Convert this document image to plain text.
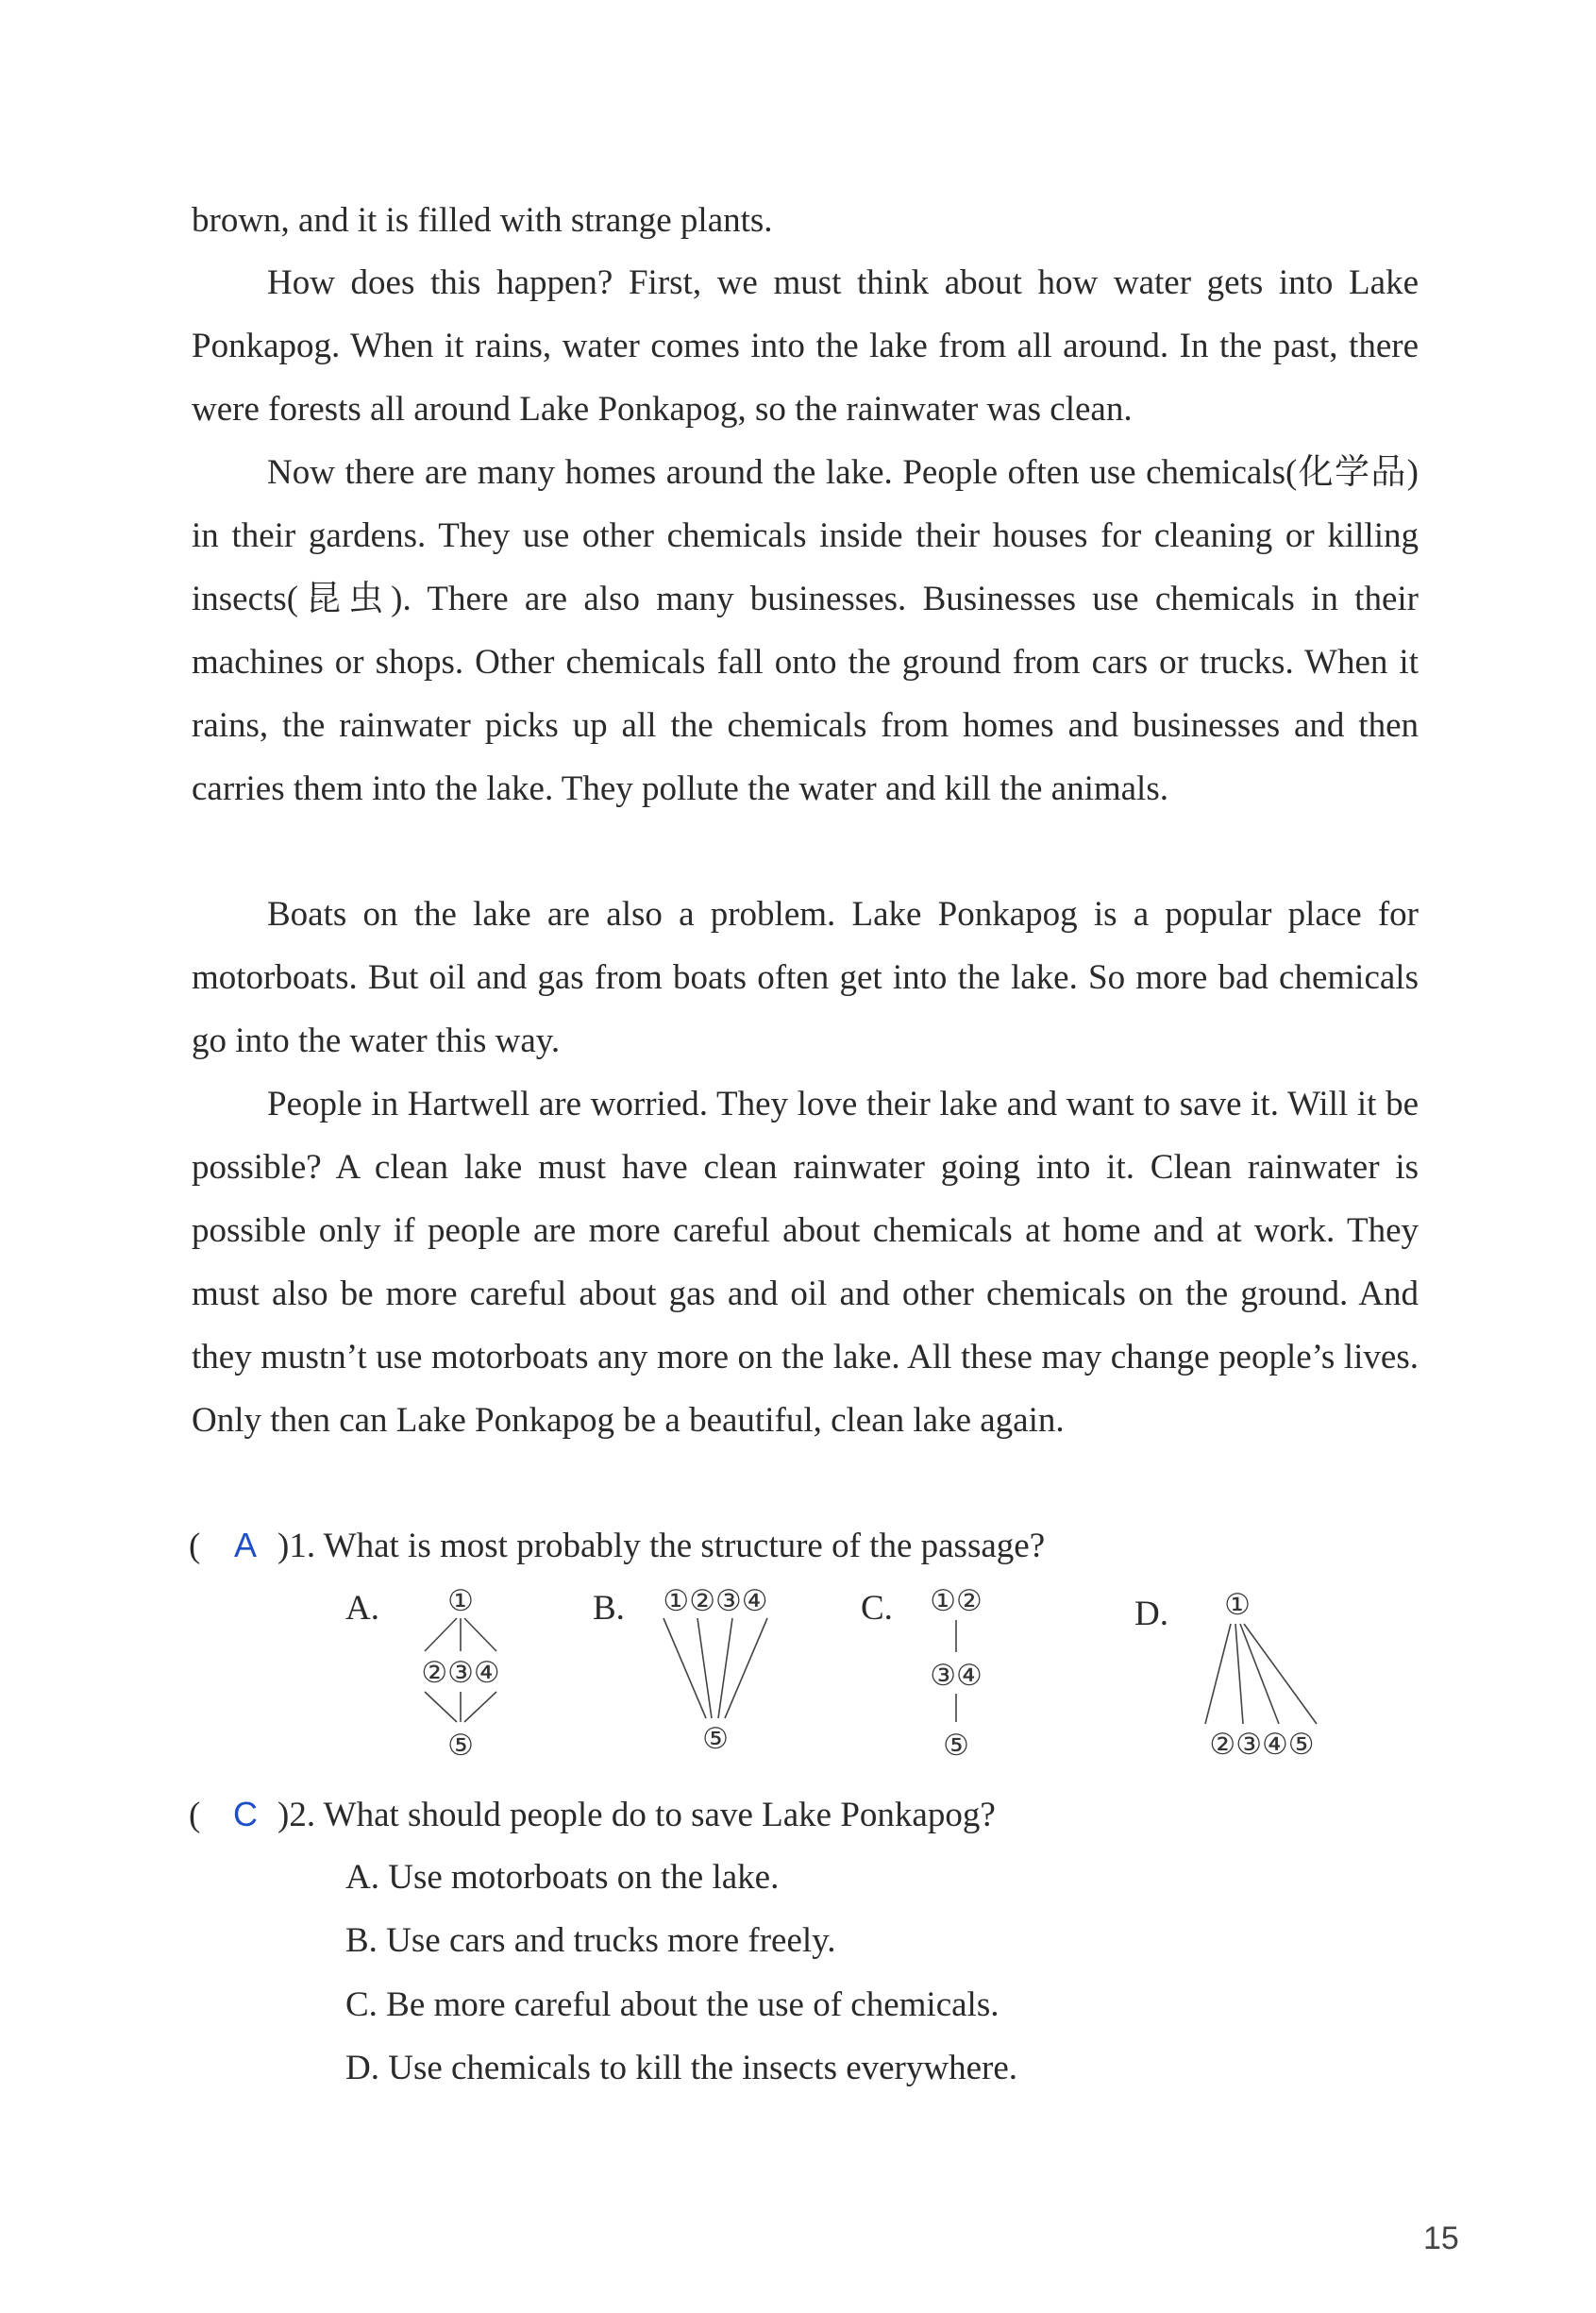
brown, and it is filled with strange plants.

How does this happen? First, we must think about how water gets into Lake Ponkapog. When it rains, water comes into the lake from all around. In the past, there were forests all around Lake Ponkapog, so the rainwater was clean.

Now there are many homes around the lake. People often use chemicals(化学品) in their gardens. They use other chemicals inside their houses for cleaning or killing insects(昆虫). There are also many businesses. Businesses use chemicals in their machines or shops. Other chemicals fall onto the ground from cars or trucks. When it rains, the rainwater picks up all the chemicals from homes and businesses and then carries them into the lake. They pollute the water and kill the animals.

Boats on the lake are also a problem. Lake Ponkapog is a popular place for motorboats. But oil and gas from boats often get into the lake. So more bad chemicals go into the water this way.

People in Hartwell are worried. They love their lake and want to save it. Will it be possible? A clean lake must have clean rainwater going into it. Clean rainwater is possible only if people are more careful about chemicals at home and at work. They must also be more careful about gas and oil and other chemicals on the ground. And they mustn’t use motorboats any more on the lake. All these may change people’s lives. Only then can Lake Ponkapog be a beautiful, clean lake again.

( A )1. What is most probably the structure of the passage?
A. ①
②③④
⑤
B. ①②③④
⑤
C. ①②
③④
⑤
D. ①
②③④⑤
( C )2. What should people do to save Lake Ponkapog?
A. Use motorboats on the lake.
B. Use cars and trucks more freely.
C. Be more careful about the use of chemicals.
D. Use chemicals to kill the insects everywhere.
15
